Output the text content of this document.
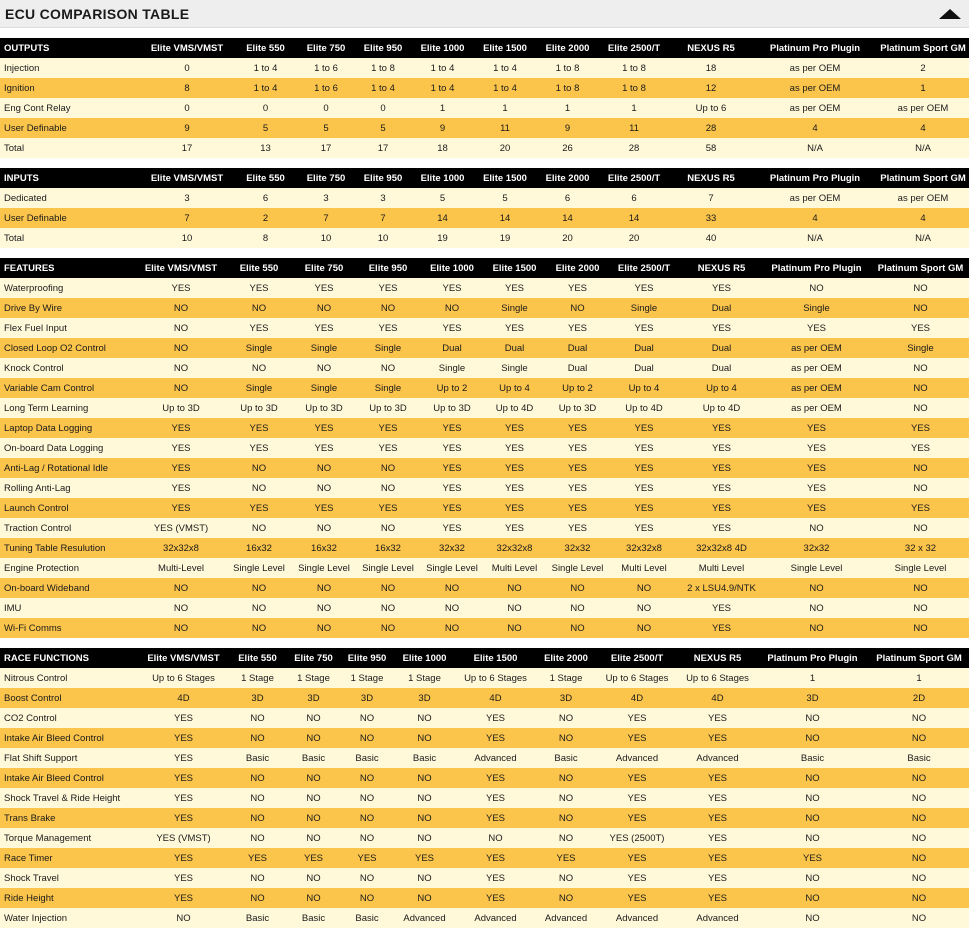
ECU COMPARISON TABLE
OUTPUTS	Elite VMS/VMST	Elite 550	Elite 750	Elite 950	Elite 1000	Elite 1500	Elite 2000	Elite 2500/T	NEXUS R5	Platinum Pro Plugin	Platinum Sport GM
Injection	0	1 to 4	1 to 6	1 to 8	1 to 4	1 to 4	1 to 8	1 to 8	18	as per OEM	2
Ignition	8	1 to 4	1 to 6	1 to 4	1 to 4	1 to 4	1 to 8	1 to 8	12	as per OEM	1
Eng Cont Relay	0	0	0	0	1	1	1	1	Up to 6	as per OEM	as per OEM
User Definable	9	5	5	5	9	11	9	11	28	4	4
Total	17	13	17	17	18	20	26	28	58	N/A	N/A
INPUTS	Elite VMS/VMST	Elite 550	Elite 750	Elite 950	Elite 1000	Elite 1500	Elite 2000	Elite 2500/T	NEXUS R5	Platinum Pro Plugin	Platinum Sport GM
Dedicated	3	6	3	3	5	5	6	6	7	as per OEM	as per OEM
User Definable	7	2	7	7	14	14	14	14	33	4	4
Total	10	8	10	10	19	19	20	20	40	N/A	N/A
FEATURES	Elite VMS/VMST	Elite 550	Elite 750	Elite 950	Elite 1000	Elite 1500	Elite 2000	Elite 2500/T	NEXUS R5	Platinum Pro Plugin	Platinum Sport GM
Waterproofing	YES	YES	YES	YES	YES	YES	YES	YES	YES	NO	NO
Drive By Wire	NO	NO	NO	NO	NO	Single	NO	Single	Dual	Single	NO
Flex Fuel Input	NO	YES	YES	YES	YES	YES	YES	YES	YES	YES	YES
Closed Loop O2 Control	NO	Single	Single	Single	Dual	Dual	Dual	Dual	Dual	as per OEM	Single
Knock Control	NO	NO	NO	NO	Single	Single	Dual	Dual	Dual	as per OEM	NO
Variable Cam Control	NO	Single	Single	Single	Up to 2	Up to 4	Up to 2	Up to 4	Up to 4	as per OEM	NO
Long Term Learning	Up to 3D	Up to 3D	Up to 3D	Up to 3D	Up to 3D	Up to 4D	Up to 3D	Up to 4D	Up to 4D	as per OEM	NO
Laptop Data Logging	YES	YES	YES	YES	YES	YES	YES	YES	YES	YES	YES
On-board Data Logging	YES	YES	YES	YES	YES	YES	YES	YES	YES	YES	YES
Anti-Lag / Rotational Idle	YES	NO	NO	NO	YES	YES	YES	YES	YES	YES	NO
Rolling Anti-Lag	YES	NO	NO	NO	YES	YES	YES	YES	YES	YES	NO
Launch Control	YES	YES	YES	YES	YES	YES	YES	YES	YES	YES	YES
Traction Control	YES (VMST)	NO	NO	NO	YES	YES	YES	YES	YES	NO	NO
Tuning Table Resulution	32x32x8	16x32	16x32	16x32	32x32	32x32x8	32x32	32x32x8	32x32x8 4D	32x32	32 x 32
Engine Protection	Multi-Level	Single Level	Single Level	Single Level	Single Level	Multi Level	Single Level	Multi Level	Multi Level	Single Level	Single Level
On-board Wideband	NO	NO	NO	NO	NO	NO	NO	NO	2 x LSU4.9/NTK	NO	NO
IMU	NO	NO	NO	NO	NO	NO	NO	NO	YES	NO	NO
Wi-Fi Comms	NO	NO	NO	NO	NO	NO	NO	NO	YES	NO	NO
RACE FUNCTIONS	Elite VMS/VMST	Elite 550	Elite 750	Elite 950	Elite 1000	Elite 1500	Elite 2000	Elite 2500/T	NEXUS R5	Platinum Pro Plugin	Platinum Sport GM
Nitrous Control	Up to 6 Stages	1 Stage	1 Stage	1 Stage	1 Stage	Up to 6 Stages	1 Stage	Up to 6 Stages	Up to 6 Stages	1	1
Boost Control	4D	3D	3D	3D	3D	4D	3D	4D	4D	3D	2D
CO2 Control	YES	NO	NO	NO	NO	YES	NO	YES	YES	NO	NO
Intake Air Bleed Control	YES	NO	NO	NO	NO	YES	NO	YES	YES	NO	NO
Flat Shift Support	YES	Basic	Basic	Basic	Basic	Advanced	Basic	Advanced	Advanced	Basic	Basic
Intake Air Bleed Control	YES	NO	NO	NO	NO	YES	NO	YES	YES	NO	NO
Shock Travel & Ride Height	YES	NO	NO	NO	NO	YES	NO	YES	YES	NO	NO
Trans Brake	YES	NO	NO	NO	NO	YES	NO	YES	YES	NO	NO
Torque Management	YES (VMST)	NO	NO	NO	NO	NO	NO	YES (2500T)	YES	NO	NO
Race Timer	YES	YES	YES	YES	YES	YES	YES	YES	YES	YES	NO
Shock Travel	YES	NO	NO	NO	NO	YES	NO	YES	YES	NO	NO
Ride Height	YES	NO	NO	NO	NO	YES	NO	YES	YES	NO	NO
Water Injection	NO	Basic	Basic	Basic	Advanced	Advanced	Advanced	Advanced	Advanced	NO	NO
